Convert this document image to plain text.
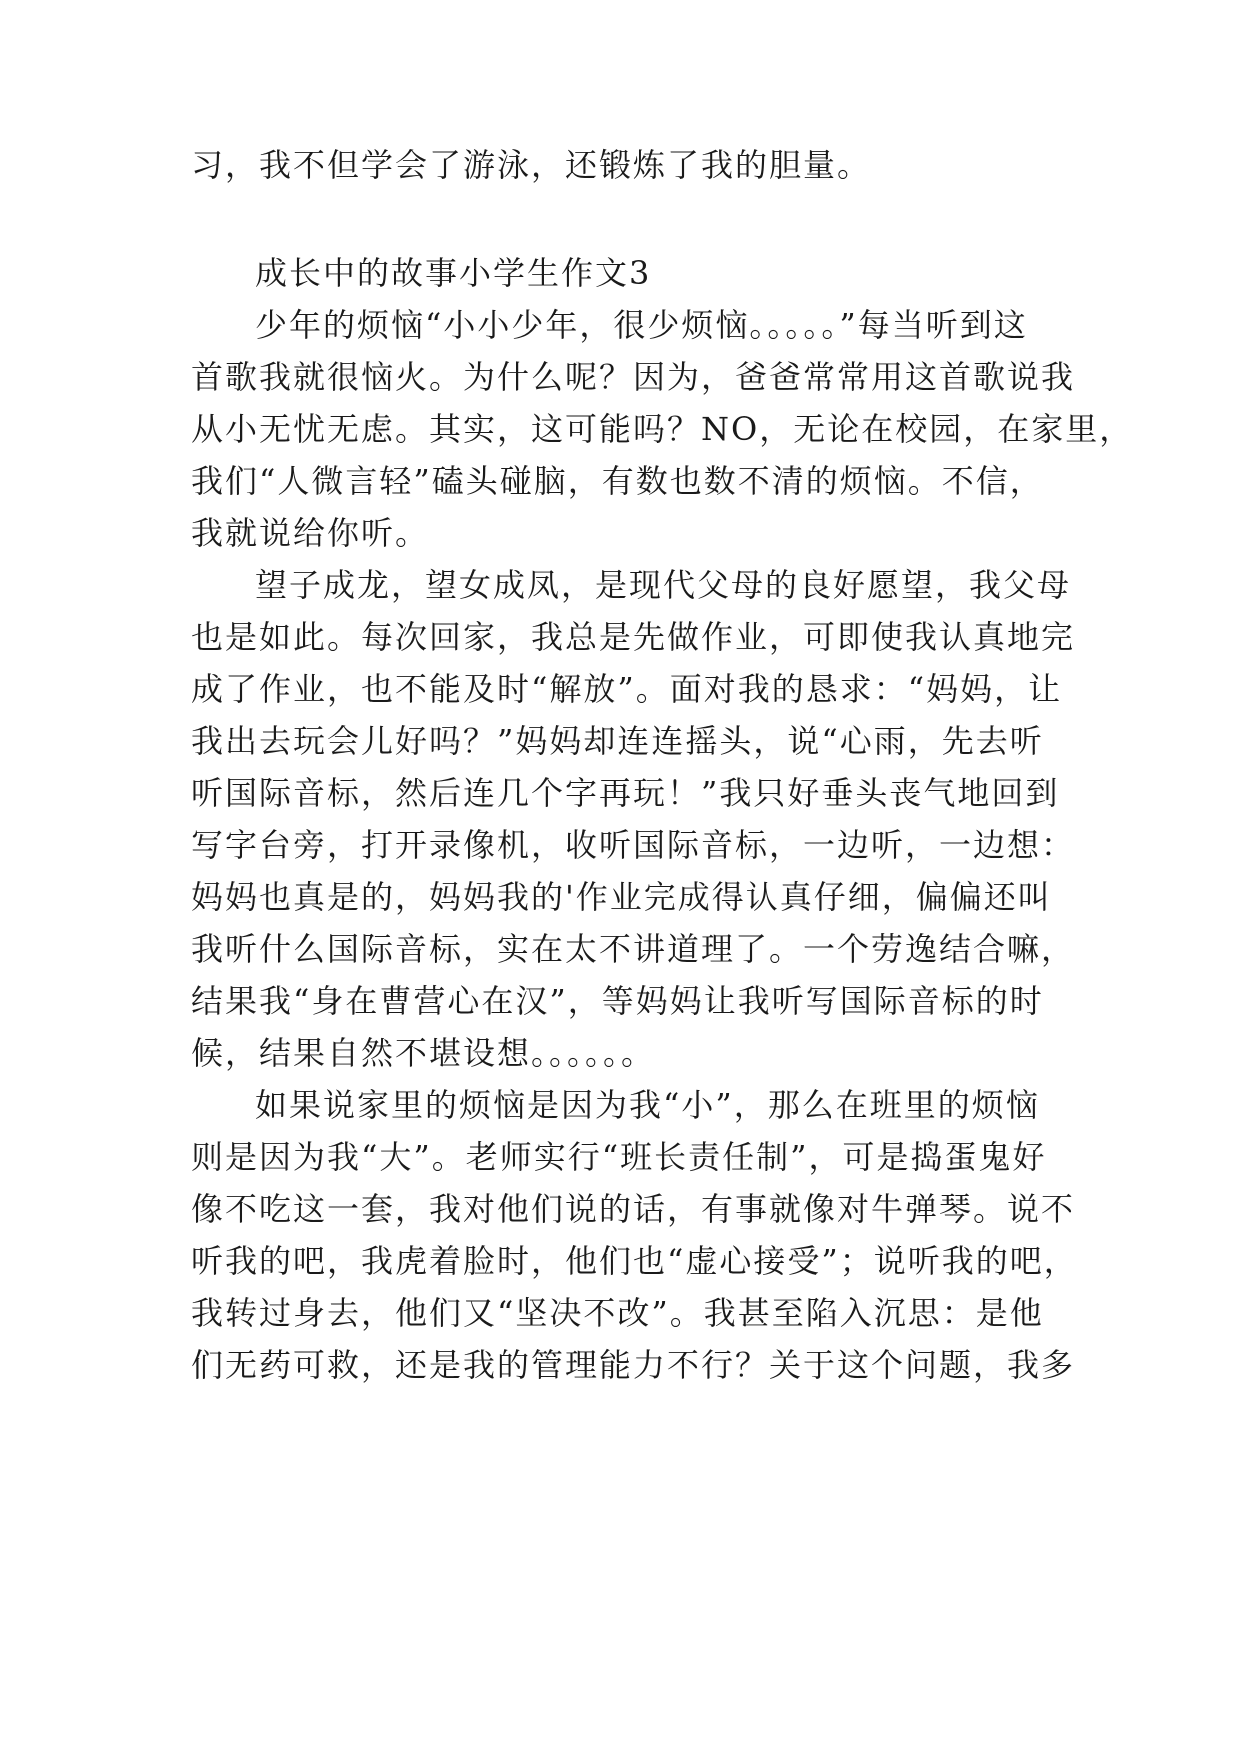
习，我不但学会了游泳，还锻炼了我的胆量。
成长中的故事小学生作文3
少年的烦恼“小小少年，很少烦恼。。。。。”每当听到这
首歌我就很恼火。为什么呢？因为，爸爸常常用这首歌说我
从小无忧无虑。其实，这可能吗？NO，无论在校园，在家里，
我们“人微言轻”磕头碰脑，有数也数不清的烦恼。不信，
我就说给你听。
望子成龙，望女成凤，是现代父母的良好愿望，我父母
也是如此。每次回家，我总是先做作业，可即使我认真地完
成了作业，也不能及时“解放”。面对我的恳求：“妈妈，让
我出去玩会儿好吗？”妈妈却连连摇头，说“心雨，先去听
听国际音标，然后连几个字再玩！”我只好垂头丧气地回到
写字台旁，打开录像机，收听国际音标，一边听，一边想：
妈妈也真是的，妈妈我的'作业完成得认真仔细，偏偏还叫
我听什么国际音标，实在太不讲道理了。一个劳逸结合嘛，
结果我“身在曹营心在汉”，等妈妈让我听写国际音标的时
候，结果自然不堪设想。。。。。。
如果说家里的烦恼是因为我“小”，那么在班里的烦恼
则是因为我“大”。老师实行“班长责任制”，可是捣蛋鬼好
像不吃这一套，我对他们说的话，有事就像对牛弹琴。说不
听我的吧，我虎着脸时，他们也“虚心接受”；说听我的吧，
我转过身去，他们又“坚决不改”。我甚至陷入沉思：是他
们无药可救，还是我的管理能力不行？关于这个问题，我多
